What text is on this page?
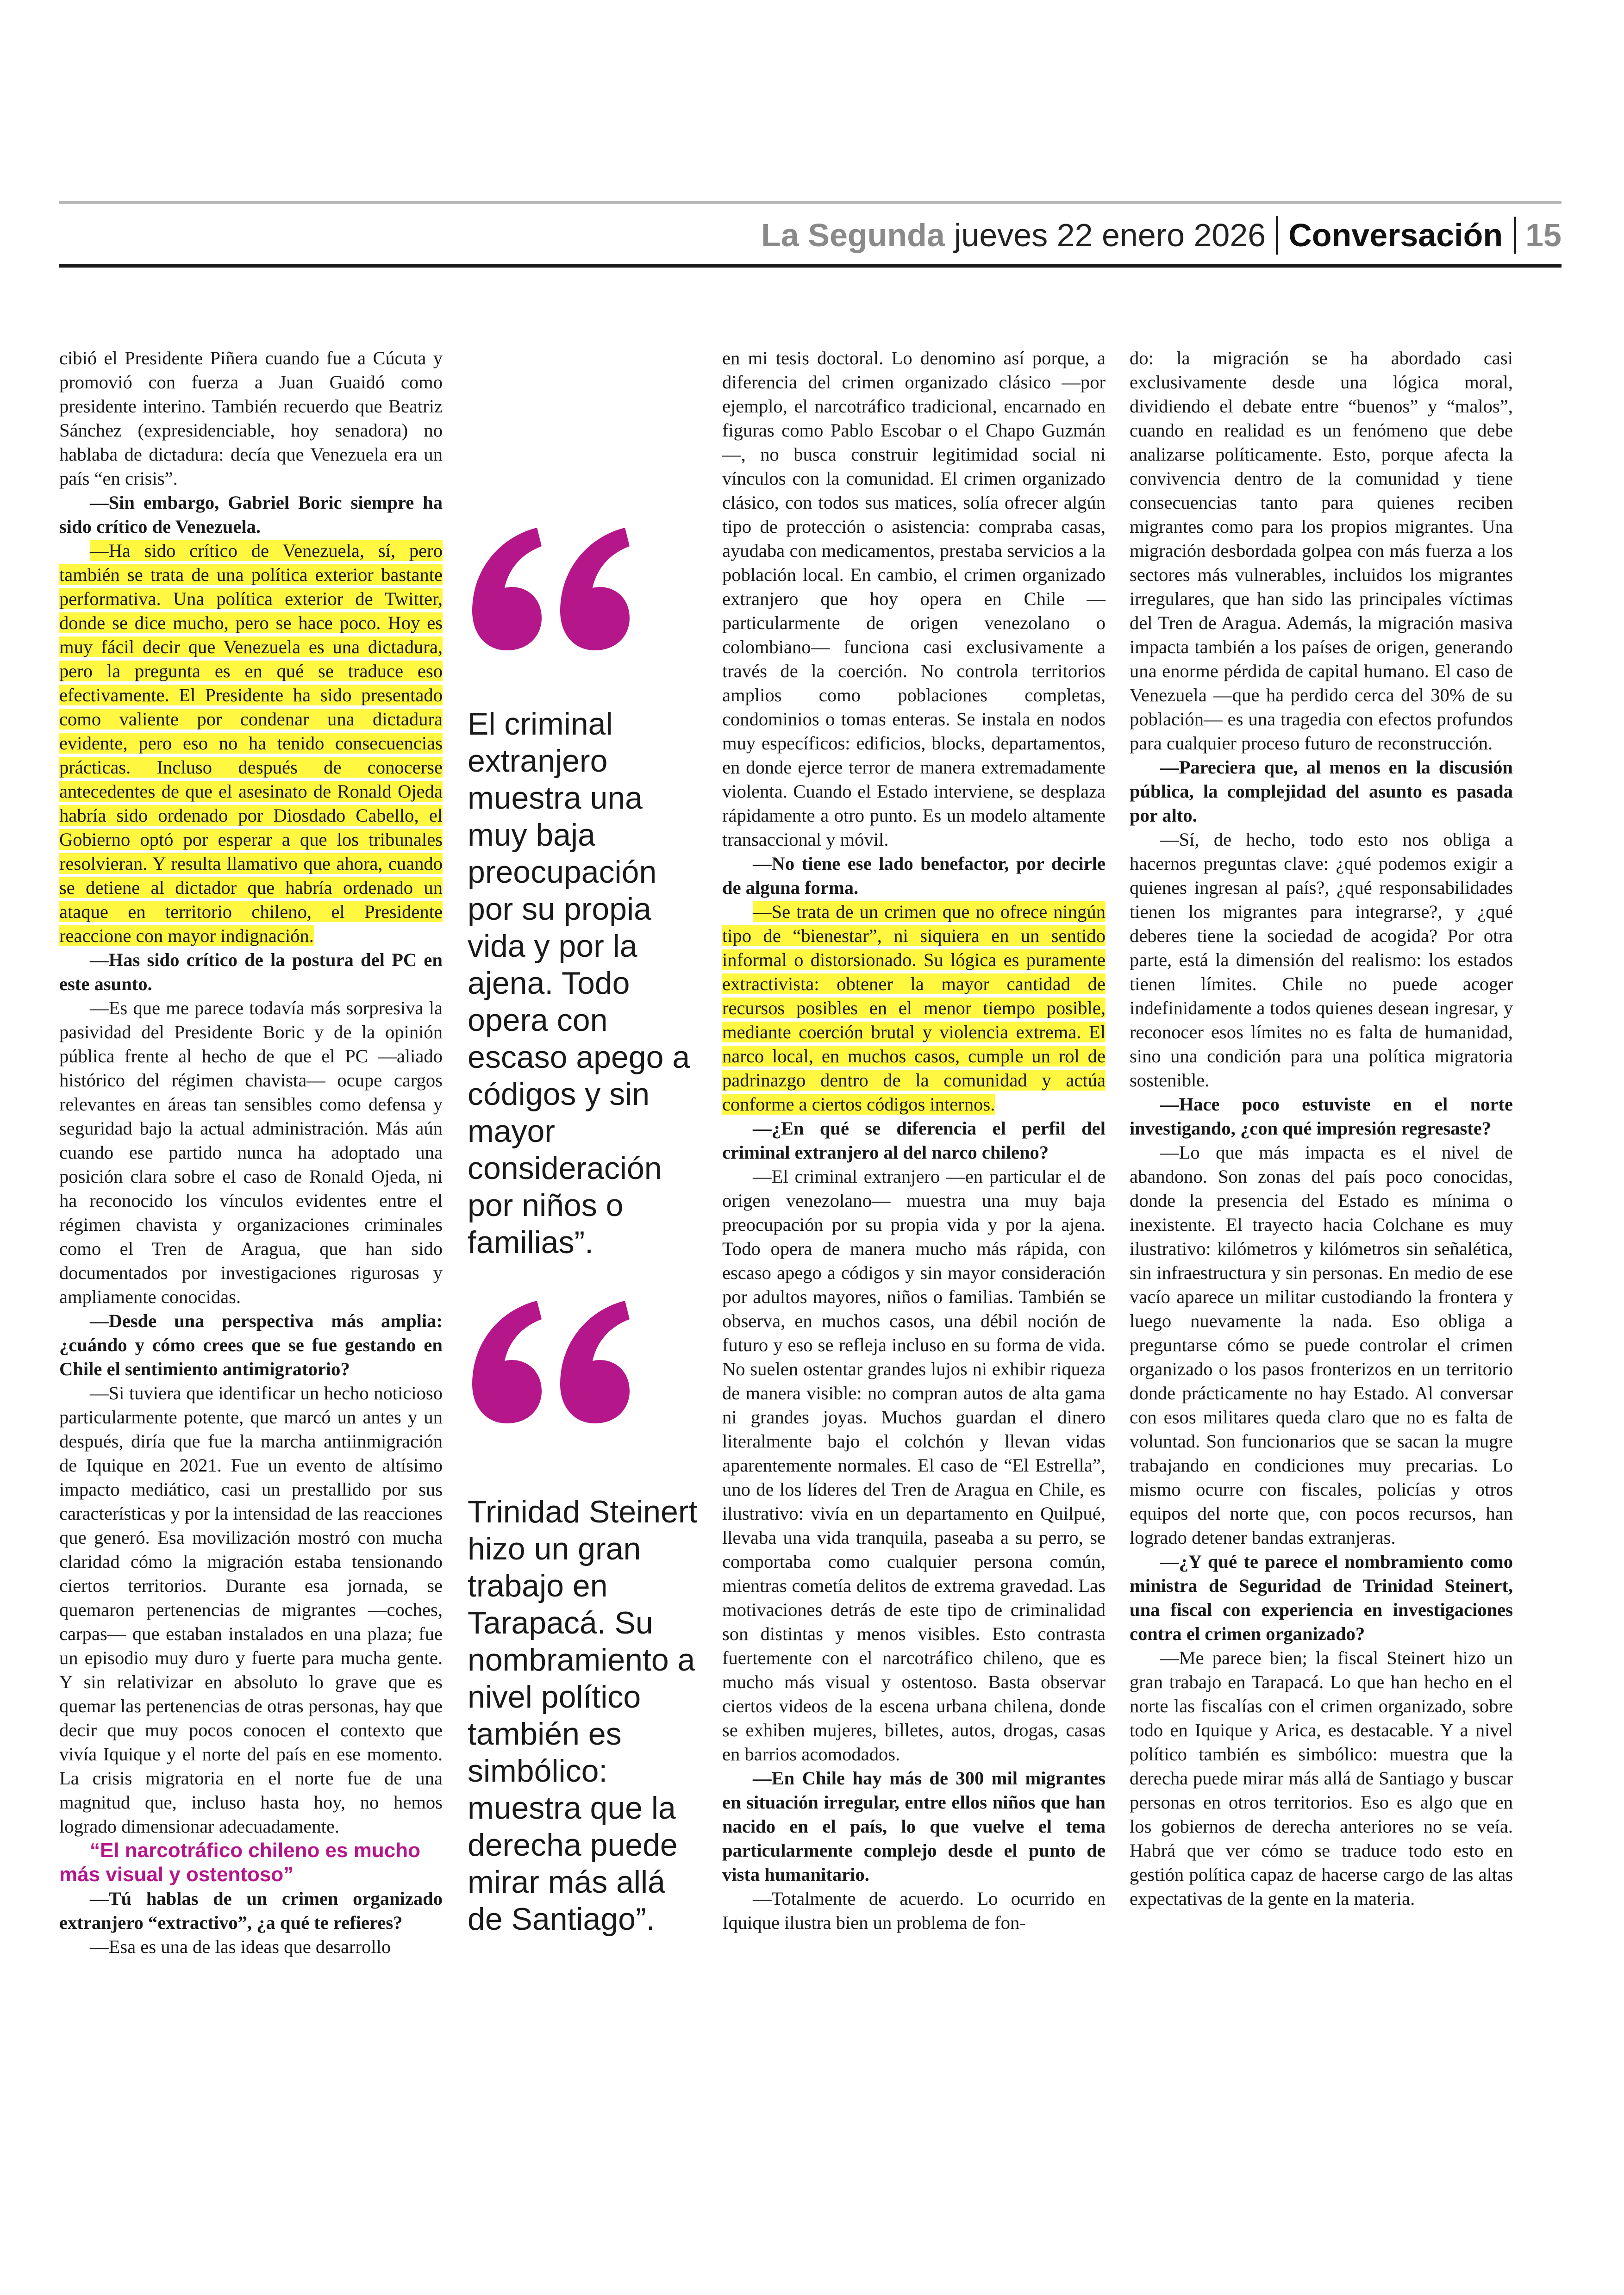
La Segunda jueves 22 enero 2026 Conversación 15

cibió el Presidente Piñera cuando fue a Cúcuta y promovió con fuerza a Juan Guaidó como presidente interino. También recuerdo que Beatriz Sánchez (expresidenciable, hoy senadora) no hablaba de dictadura: decía que Venezuela era un país “en crisis”.

—Sin embargo, Gabriel Boric siempre ha sido crítico de Venezuela.

—Ha sido crítico de Venezuela, sí, pero también se trata de una política exterior bastante performativa. Una política exterior de Twitter, donde se dice mucho, pero se hace poco. Hoy es muy fácil decir que Venezuela es una dictadura, pero la pregunta es en qué se traduce eso efectivamente. El Presidente ha sido presentado como valiente por condenar una dictadura evidente, pero eso no ha tenido consecuencias prácticas. Incluso después de conocerse antecedentes de que el asesinato de Ronald Ojeda habría sido ordenado por Diosdado Cabello, el Gobierno optó por esperar a que los tribunales resolvieran. Y resulta llamativo que ahora, cuando se detiene al dictador que habría ordenado un ataque en territorio chileno, el Presidente reaccione con mayor indignación.

—Has sido crítico de la postura del PC en este asunto.

—Es que me parece todavía más sorpresiva la pasividad del Presidente Boric y de la opinión pública frente al hecho de que el PC —aliado histórico del régimen chavista— ocupe cargos relevantes en áreas tan sensibles como defensa y seguridad bajo la actual administración. Más aún cuando ese partido nunca ha adoptado una posición clara sobre el caso de Ronald Ojeda, ni ha reconocido los vínculos evidentes entre el régimen chavista y organizaciones criminales como el Tren de Aragua, que han sido documentados por investigaciones rigurosas y ampliamente conocidas.

—Desde una perspectiva más amplia: ¿cuándo y cómo crees que se fue gestando en Chile el sentimiento antimigratorio?

—Si tuviera que identificar un hecho noticioso particularmente potente, que marcó un antes y un después, diría que fue la marcha antiinmigración de Iquique en 2021. Fue un evento de altísimo impacto mediático, casi un prestallido por sus características y por la intensidad de las reacciones que generó. Esa movilización mostró con mucha claridad cómo la migración estaba tensionando ciertos territorios. Durante esa jornada, se quemaron pertenencias de migrantes —coches, carpas— que estaban instalados en una plaza; fue un episodio muy duro y fuerte para mucha gente. Y sin relativizar en absoluto lo grave que es quemar las pertenencias de otras personas, hay que decir que muy pocos conocen el contexto que vivía Iquique y el norte del país en ese momento. La crisis migratoria en el norte fue de una magnitud que, incluso hasta hoy, no hemos logrado dimensionar adecuadamente.

“El narcotráfico chileno es mucho más visual y ostentoso”

—Tú hablas de un crimen organizado extranjero “extractivo”, ¿a qué te refieres?

—Esa es una de las ideas que desarrollo

El criminal extranjero muestra una muy baja preocupación por su propia vida y por la ajena. Todo opera con escaso apego a códigos y sin mayor consideración por niños o familias”.
Trinidad Steinert hizo un gran trabajo en Tarapacá. Su nombramiento a nivel político también es simbólico: muestra que la derecha puede mirar más allá de Santiago”.

en mi tesis doctoral. Lo denomino así porque, a diferencia del crimen organizado clásico —por ejemplo, el narcotráfico tradicional, encarnado en figuras como Pablo Escobar o el Chapo Guzmán—, no busca construir legitimidad social ni vínculos con la comunidad. El crimen organizado clásico, con todos sus matices, solía ofrecer algún tipo de protección o asistencia: compraba casas, ayudaba con medicamentos, prestaba servicios a la población local. En cambio, el crimen organizado extranjero que hoy opera en Chile —particularmente de origen venezolano o colombiano— funciona casi exclusivamente a través de la coerción. No controla territorios amplios como poblaciones completas, condominios o tomas enteras. Se instala en nodos muy específicos: edificios, blocks, departamentos, en donde ejerce terror de manera extremadamente violenta. Cuando el Estado interviene, se desplaza rápidamente a otro punto. Es un modelo altamente transaccional y móvil.

—No tiene ese lado benefactor, por decirle de alguna forma.

—Se trata de un crimen que no ofrece ningún tipo de “bienestar”, ni siquiera en un sentido informal o distorsionado. Su lógica es puramente extractivista: obtener la mayor cantidad de recursos posibles en el menor tiempo posible, mediante coerción brutal y violencia extrema. El narco local, en muchos casos, cumple un rol de padrinazgo dentro de la comunidad y actúa conforme a ciertos códigos internos.

—¿En qué se diferencia el perfil del criminal extranjero al del narco chileno?

—El criminal extranjero —en particular el de origen venezolano— muestra una muy baja preocupación por su propia vida y por la ajena. Todo opera de manera mucho más rápida, con escaso apego a códigos y sin mayor consideración por adultos mayores, niños o familias. También se observa, en muchos casos, una débil noción de futuro y eso se refleja incluso en su forma de vida. No suelen ostentar grandes lujos ni exhibir riqueza de manera visible: no compran autos de alta gama ni grandes joyas. Muchos guardan el dinero literalmente bajo el colchón y llevan vidas aparentemente normales. El caso de “El Estrella”, uno de los líderes del Tren de Aragua en Chile, es ilustrativo: vivía en un departamento en Quilpué, llevaba una vida tranquila, paseaba a su perro, se comportaba como cualquier persona común, mientras cometía delitos de extrema gravedad. Las motivaciones detrás de este tipo de criminalidad son distintas y menos visibles. Esto contrasta fuertemente con el narcotráfico chileno, que es mucho más visual y ostentoso. Basta observar ciertos videos de la escena urbana chilena, donde se exhiben mujeres, billetes, autos, drogas, casas en barrios acomodados.

—En Chile hay más de 300 mil migrantes en situación irregular, entre ellos niños que han nacido en el país, lo que vuelve el tema particularmente complejo desde el punto de vista humanitario.

—Totalmente de acuerdo. Lo ocurrido en Iquique ilustra bien un problema de fon-

do: la migración se ha abordado casi exclusivamente desde una lógica moral, dividiendo el debate entre “buenos” y “malos”, cuando en realidad es un fenómeno que debe analizarse políticamente. Esto, porque afecta la convivencia dentro de la comunidad y tiene consecuencias tanto para quienes reciben migrantes como para los propios migrantes. Una migración desbordada golpea con más fuerza a los sectores más vulnerables, incluidos los migrantes irregulares, que han sido las principales víctimas del Tren de Aragua. Además, la migración masiva impacta también a los países de origen, generando una enorme pérdida de capital humano. El caso de Venezuela —que ha perdido cerca del 30% de su población— es una tragedia con efectos profundos para cualquier proceso futuro de reconstrucción.

—Pareciera que, al menos en la discusión pública, la complejidad del asunto es pasada por alto.

—Sí, de hecho, todo esto nos obliga a hacernos preguntas clave: ¿qué podemos exigir a quienes ingresan al país?, ¿qué responsabilidades tienen los migrantes para integrarse?, y ¿qué deberes tiene la sociedad de acogida? Por otra parte, está la dimensión del realismo: los estados tienen límites. Chile no puede acoger indefinidamente a todos quienes desean ingresar, y reconocer esos límites no es falta de humanidad, sino una condición para una política migratoria sostenible.

—Hace poco estuviste en el norte investigando, ¿con qué impresión regresaste?

—Lo que más impacta es el nivel de abandono. Son zonas del país poco conocidas, donde la presencia del Estado es mínima o inexistente. El trayecto hacia Colchane es muy ilustrativo: kilómetros y kilómetros sin señalética, sin infraestructura y sin personas. En medio de ese vacío aparece un militar custodiando la frontera y luego nuevamente la nada. Eso obliga a preguntarse cómo se puede controlar el crimen organizado o los pasos fronterizos en un territorio donde prácticamente no hay Estado. Al conversar con esos militares queda claro que no es falta de voluntad. Son funcionarios que se sacan la mugre trabajando en condiciones muy precarias. Lo mismo ocurre con fiscales, policías y otros equipos del norte que, con pocos recursos, han logrado detener bandas extranjeras.

—¿Y qué te parece el nombramiento como ministra de Seguridad de Trinidad Steinert, una fiscal con experiencia en investigaciones contra el crimen organizado?

—Me parece bien; la fiscal Steinert hizo un gran trabajo en Tarapacá. Lo que han hecho en el norte las fiscalías con el crimen organizado, sobre todo en Iquique y Arica, es destacable. Y a nivel político también es simbólico: muestra que la derecha puede mirar más allá de Santiago y buscar personas en otros territorios. Eso es algo que en los gobiernos de derecha anteriores no se veía. Habrá que ver cómo se traduce todo esto en gestión política capaz de hacerse cargo de las altas expectativas de la gente en la materia.
